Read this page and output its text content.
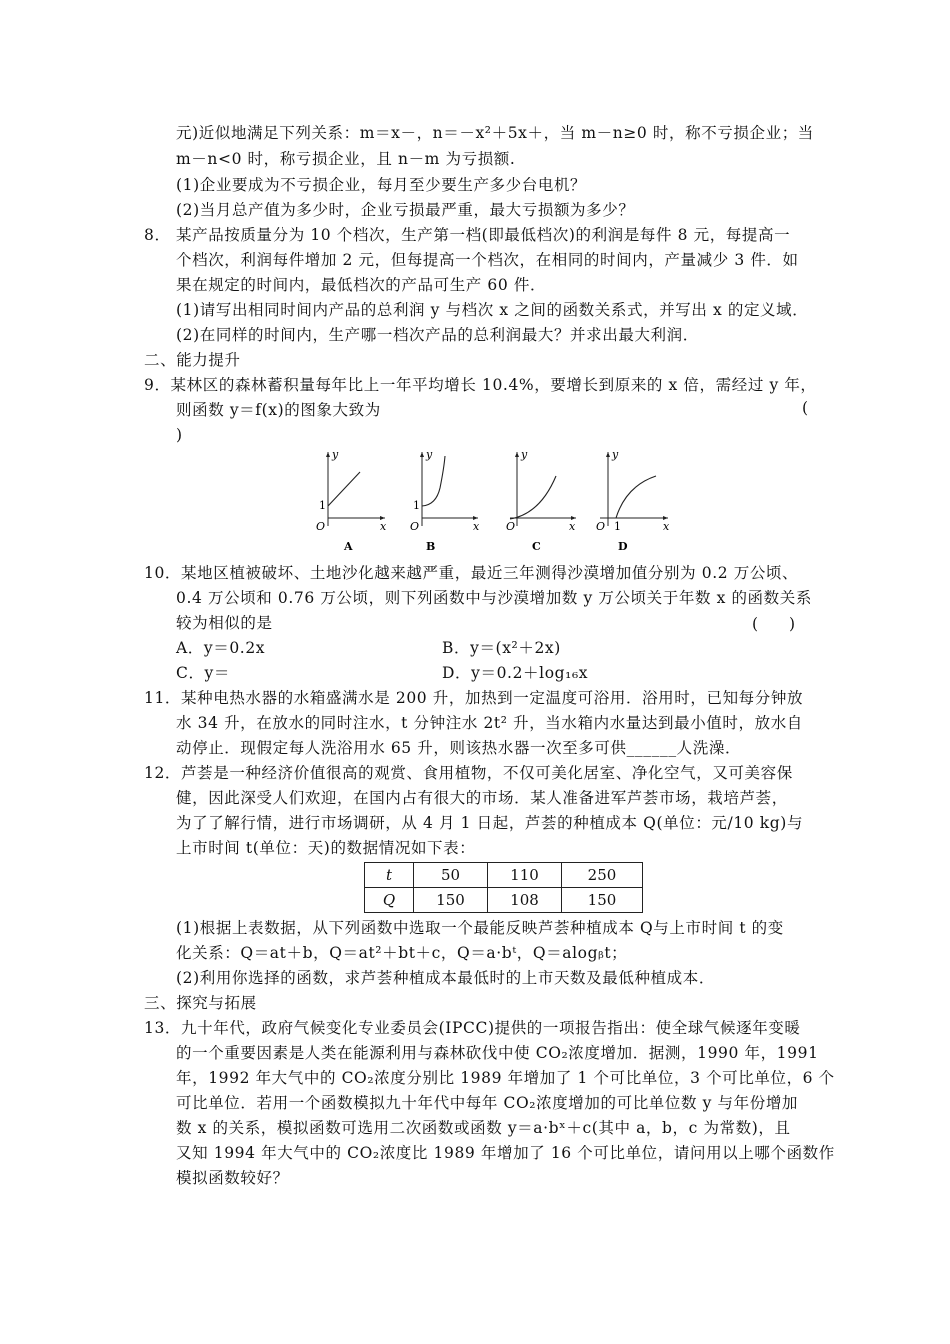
元)近似地满足下列关系：m＝x－，n＝－x²＋5x＋，当 m－n≥0 时，称不亏损企业；当
m－n<0 时，称亏损企业，且 n－m 为亏损额.
(1)企业要成为不亏损企业，每月至少要生产多少台电机？
(2)当月总产值为多少时，企业亏损最严重，最大亏损额为多少？
8． 某产品按质量分为 10 个档次，生产第一档(即最低档次)的利润是每件 8 元，每提高一
个档次，利润每件增加 2 元，但每提高一个档次，在相同的时间内，产量减少 3 件．如
果在规定的时间内，最低档次的产品可生产 60 件．
(1)请写出相同时间内产品的总利润 y 与档次 x 之间的函数关系式，并写出 x 的定义域．
(2)在同样的时间内，生产哪一档次产品的总利润最大？并求出最大利润．
二、能力提升
9．某林区的森林蓄积量每年比上一年平均增长 10.4%，要增长到原来的 x 倍，需经过 y 年，
则函数 y＝f(x)的图象大致为	(
)
y
x
O
1
A
y
x
O
1
B
y
x
O
C
y
x
O 1
D
10．某地区植被破坏、土地沙化越来越严重，最近三年测得沙漠增加值分别为 0.2 万公顷、
0.4 万公顷和 0.76 万公顷，则下列函数中与沙漠增加数 y 万公顷关于年数 x 的函数关系
较为相似的是	(　　)
A．y＝0.2x	B．y＝(x²＋2x)
C．y＝	D．y＝0.2＋log₁₆x
11．某种电热水器的水箱盛满水是 200 升，加热到一定温度可浴用．浴用时，已知每分钟放
水 34 升，在放水的同时注水，t 分钟注水 2t² 升，当水箱内水量达到最小值时，放水自
动停止．现假定每人洗浴用水 65 升，则该热水器一次至多可供______人洗澡．
12．芦荟是一种经济价值很高的观赏、食用植物，不仅可美化居室、净化空气，又可美容保
健，因此深受人们欢迎，在国内占有很大的市场．某人准备进军芦荟市场，栽培芦荟，
为了了解行情，进行市场调研，从 4 月 1 日起，芦荟的种植成本 Q(单位：元/10 kg)与
上市时间 t(单位：天)的数据情况如下表：
t	50	110	250
Q	150	108	150
(1)根据上表数据，从下列函数中选取一个最能反映芦荟种植成本 Q与上市时间 t 的变
化关系：Q＝at＋b，Q＝at²＋bt＋c，Q＝a·bᵗ，Q＝alogᵦt；
(2)利用你选择的函数，求芦荟种植成本最低时的上市天数及最低种植成本．
三、探究与拓展
13．九十年代，政府气候变化专业委员会(IPCC)提供的一项报告指出：使全球气候逐年变暖
的一个重要因素是人类在能源利用与森林砍伐中使 CO₂浓度增加．据测，1990 年，1991
年，1992 年大气中的 CO₂浓度分别比 1989 年增加了 1 个可比单位，3 个可比单位，6 个
可比单位．若用一个函数模拟九十年代中每年 CO₂浓度增加的可比单位数 y 与年份增加
数 x 的关系，模拟函数可选用二次函数或函数 y＝a·bˣ＋c(其中 a，b，c 为常数)，且
又知 1994 年大气中的 CO₂浓度比 1989 年增加了 16 个可比单位，请问用以上哪个函数作
模拟函数较好？
